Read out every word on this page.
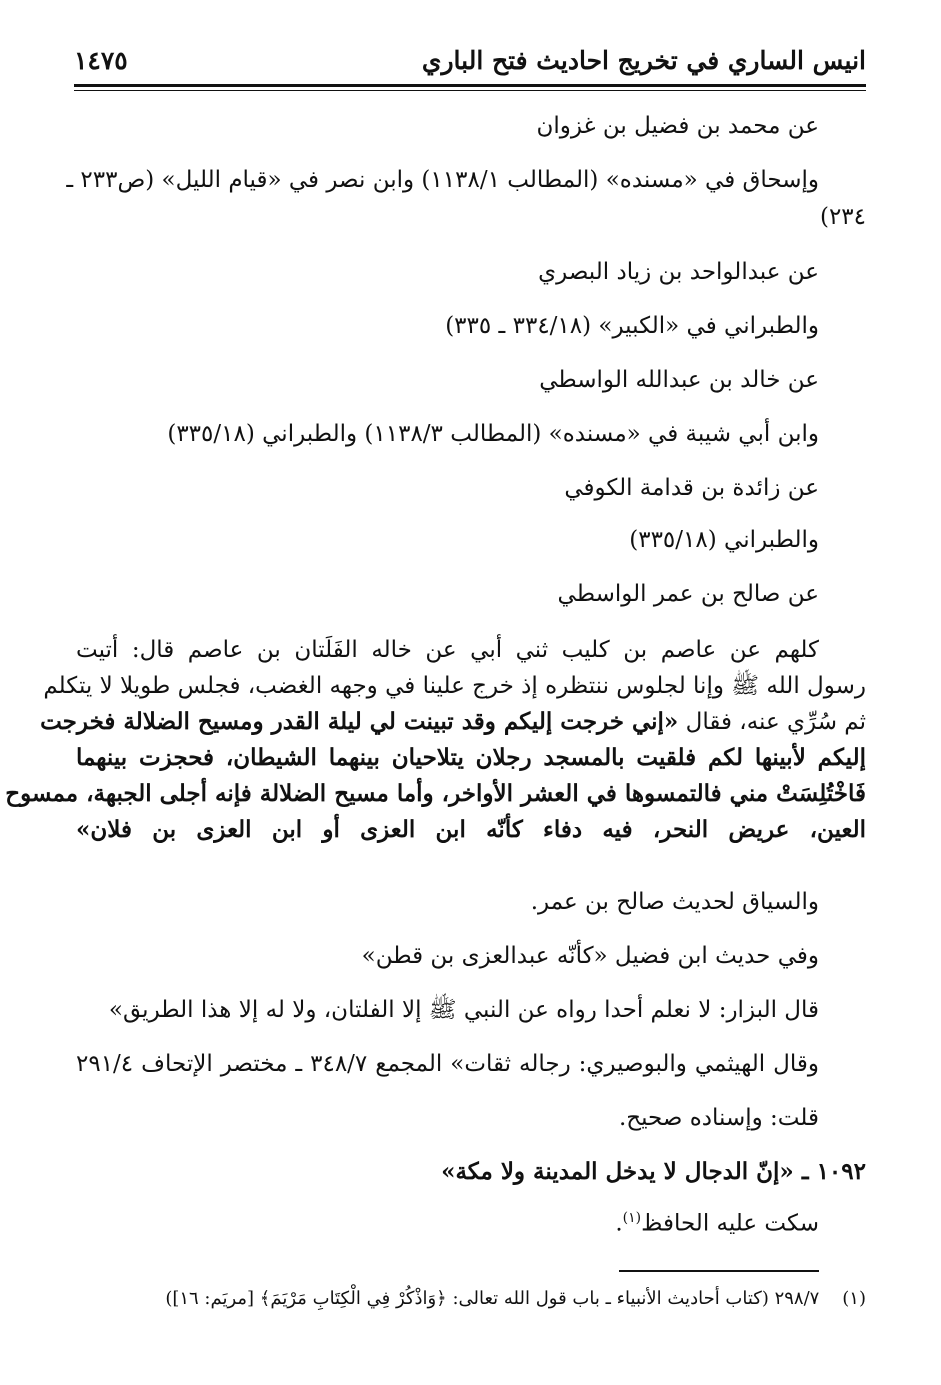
انيس الساري في تخريج احاديث فتح الباري
١٤٧٥
عن محمد بن فضيل بن غزوان
وإسحاق في «مسنده» (المطالب ١١٣٨/١) وابن نصر في «قيام الليل» (ص٢٣٣ ـ
٢٣٤)
عن عبدالواحد بن زياد البصري
والطبراني في «الكبير» (٣٣٤/١٨ ـ ٣٣٥)
عن خالد بن عبدالله الواسطي
وابن أبي شيبة في «مسنده» (المطالب ١١٣٨/٣) والطبراني (٣٣٥/١٨)
عن زائدة بن قدامة الكوفي
والطبراني (٣٣٥/١٨)
عن صالح بن عمر الواسطي
كلهم عن عاصم بن كليب ثني أبي عن خاله الفَلَتان بن عاصم قال: أتيت
رسول الله ﷺ وإنا لجلوس ننتظره إذ خرج علينا في وجهه الغضب، فجلس طويلا لا يتكلم
ثم سُرِّي عنه، فقال «إني خرجت إليكم وقد تبينت لي ليلة القدر ومسيح الضلالة فخرجت
إليكم لأبينها لكم فلقيت بالمسجد رجلان يتلاحيان بينهما الشيطان، فحجزت بينهما
فَاخْتُلِسَتْ مني فالتمسوها في العشر الأواخر، وأما مسيح الضلالة فإنه أجلى الجبهة، ممسوح
العين، عريض النحر، فيه دفاء كأنّه ابن العزى أو ابن العزى بن فلان»
والسياق لحديث صالح بن عمر.
وفي حديث ابن فضيل «كأنّه عبدالعزى بن قطن»
قال البزار: لا نعلم أحدا رواه عن النبي ﷺ إلا الفلتان، ولا له إلا هذا الطريق»
وقال الهيثمي والبوصيري: رجاله ثقات» المجمع ٣٤٨/٧ ـ مختصر الإتحاف ٢٩١/٤
قلت: وإسناده صحيح.
١٠٩٢ ـ «إنّ الدجال لا يدخل المدينة ولا مكة»
سكت عليه الحافظ$^{(١)}$.
(١)    ٢٩٨/٧ (كتاب أحاديث الأنبياء ـ باب قول الله تعالى: ﴿وَاذْكُرْ فِي الْكِتَابِ مَرْيَمَ﴾ [مريَم: ١٦])
